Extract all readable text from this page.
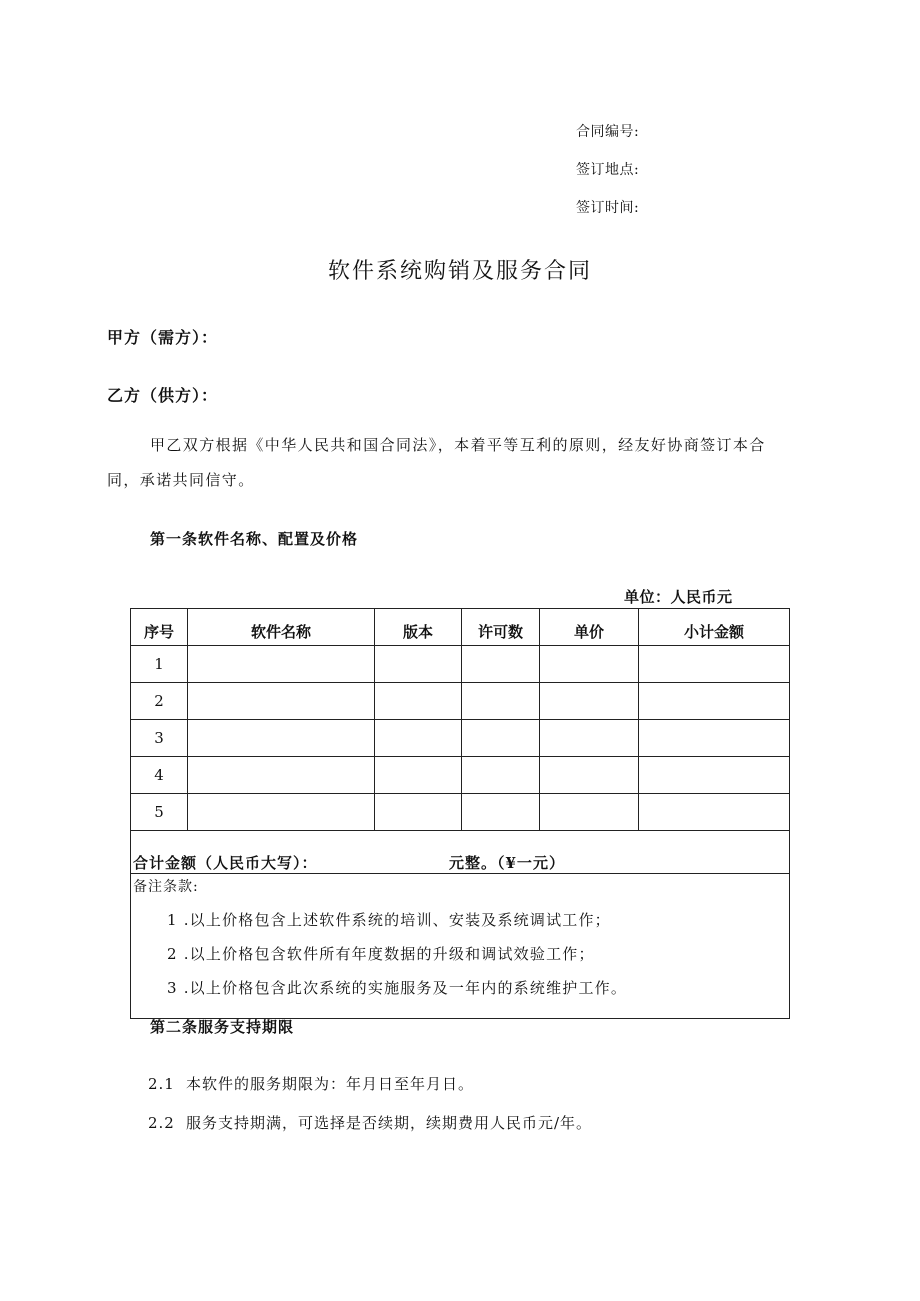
合同编号:
签订地点:
签订时间:
软件系统购销及服务合同
甲方（需方）：
乙方（供方）：
甲乙双方根据《中华人民共和国合同法》，本着平等互利的原则，经友好协商签订本合同，承诺共同信守。
第一条软件名称、配置及价格
单位：人民币元
序号	软件名称	版本	许可数	单价	小计金额
1					
2					
3					
4					
5					
合计金额（人民币大写）： 元整。（¥一元）					

备注条款:
1 .以上价格包含上述软件系统的培训、安装及系统调试工作；
2 .以上价格包含软件所有年度数据的升级和调试效验工作；
3 .以上价格包含此次系统的实施服务及一年内的系统维护工作。					
第二条服务支持期限
2.1 本软件的服务期限为：年月日至年月日。
2.2 服务支持期满，可选择是否续期，续期费用人民币元/年。
